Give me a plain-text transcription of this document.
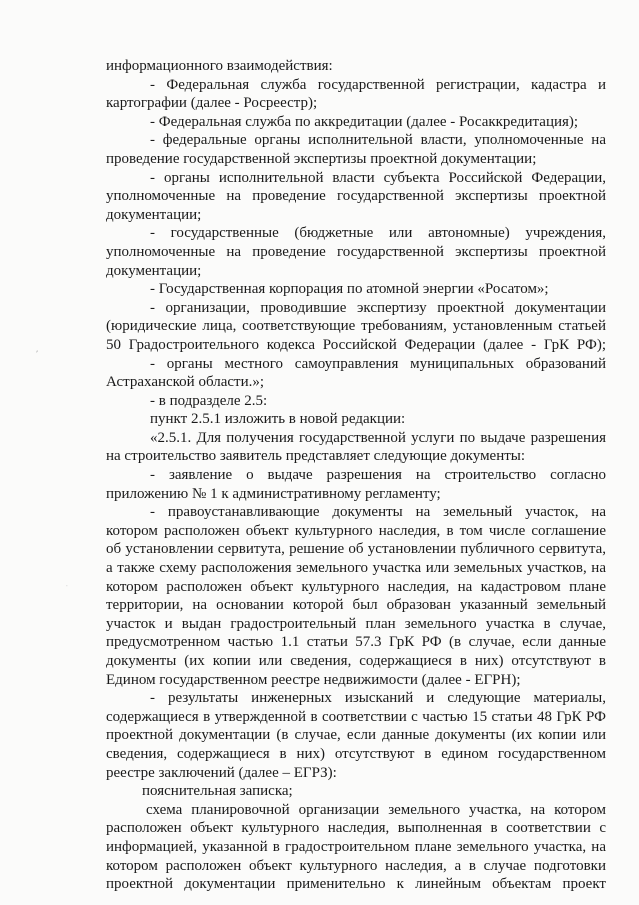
⸗
ᐧ
информационного взаимодействия:
- Федеральная служба государственной регистрации, кадастра и
картографии (далее - Росреестр);
- Федеральная служба по аккредитации (далее - Росаккредитация);
- федеральные органы исполнительной власти, уполномоченные на
проведение государственной экспертизы проектной документации;
- органы исполнительной власти субъекта Российской Федерации,
уполномоченные на проведение государственной экспертизы проектной
документации;
- государственные (бюджетные или автономные) учреждения,
уполномоченные на проведение государственной экспертизы проектной
документации;
- Государственная корпорация по атомной энергии «Росатом»;
- организации, проводившие экспертизу проектной документации
(юридические лица, соответствующие требованиям, установленным статьей
50 Градостроительного кодекса Российской Федерации (далее - ГрК РФ);
- органы местного самоуправления муниципальных образований
Астраханской области.»;
- в подразделе 2.5:
пункт 2.5.1 изложить в новой редакции:
«2.5.1. Для получения государственной услуги по выдаче разрешения
на строительство заявитель представляет следующие документы:
- заявление о выдаче разрешения на строительство согласно
приложению № 1 к административному регламенту;
- правоустанавливающие документы на земельный участок, на
котором расположен объект культурного наследия, в том числе соглашение
об установлении сервитута, решение об установлении публичного сервитута,
а также схему расположения земельного участка или земельных участков, на
котором расположен объект культурного наследия, на кадастровом плане
территории, на основании которой был образован указанный земельный
участок и выдан градостроительный план земельного участка в случае,
предусмотренном частью 1.1 статьи 57.3 ГрК РФ (в случае, если данные
документы (их копии или сведения, содержащиеся в них) отсутствуют в
Едином государственном реестре недвижимости (далее - ЕГРН);
- результаты инженерных изысканий и следующие материалы,
содержащиеся в утвержденной в соответствии с частью 15 статьи 48 ГрК РФ
проектной документации (в случае, если данные документы (их копии или
сведения, содержащиеся в них) отсутствуют в едином государственном
реестре заключений (далее – ЕГРЗ):
пояснительная записка;
схема планировочной организации земельного участка, на котором
расположен объект культурного наследия, выполненная в соответствии с
информацией, указанной в градостроительном плане земельного участка, на
котором расположен объект культурного наследия, а в случае подготовки
проектной документации применительно к линейным объектам проект
